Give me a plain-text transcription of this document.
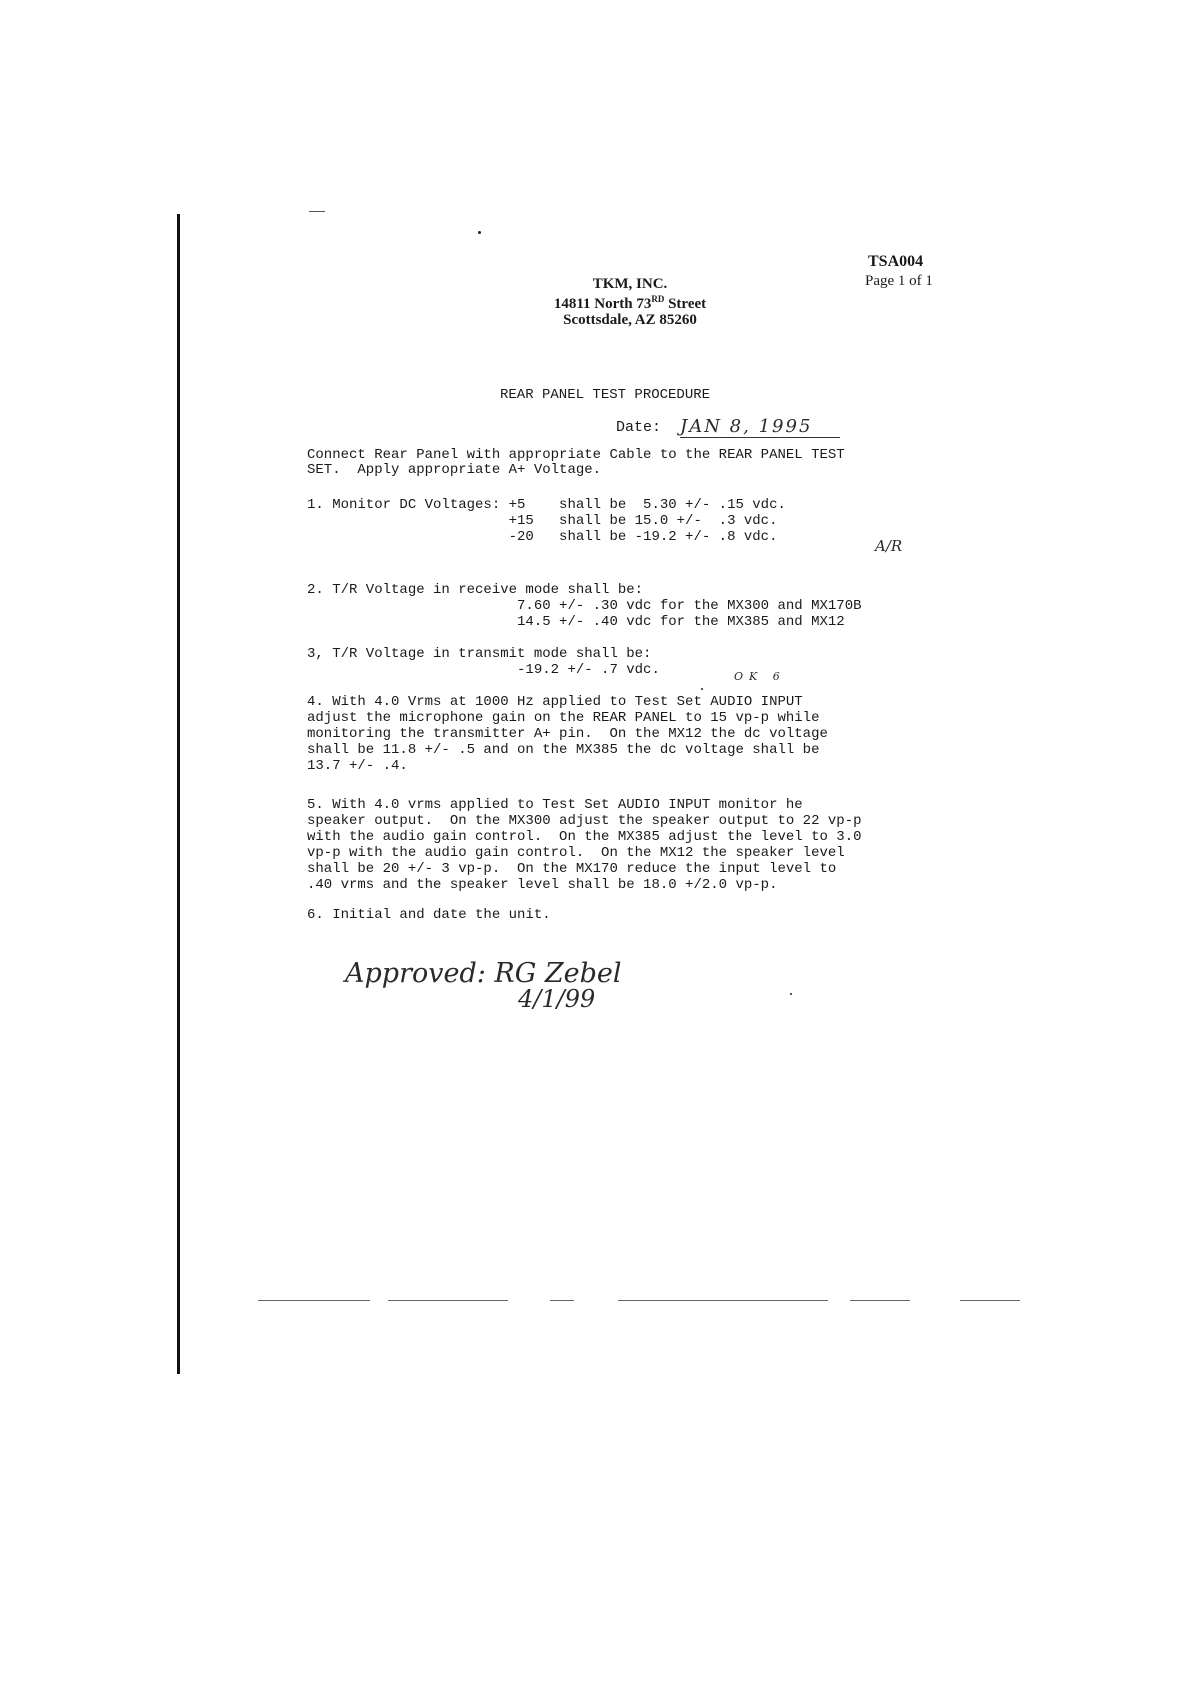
TSA004
Page 1 of 1
TKM, INC.
14811 North 73RD Street
Scottsdale, AZ 85260
REAR PANEL TEST PROCEDURE
Date: JAN 8, 1995
Connect Rear Panel with appropriate Cable to the REAR PANEL TEST
SET.  Apply appropriate A+ Voltage.
1. Monitor DC Voltages: +5    shall be  5.30 +/- .15 vdc.
+15   shall be 15.0 +/-  .3 vdc.
-20   shall be -19.2 +/- .8 vdc.	A/R
2. T/R Voltage in receive mode shall be:
7.60 +/- .30 vdc for the MX300 and MX170B
14.5 +/- .40 vdc for the MX385 and MX12
3, T/R Voltage in transmit mode shall be:
-19.2 +/- .7 vdc.	OK 6
4. With 4.0 Vrms at 1000 Hz applied to Test Set AUDIO INPUT
adjust the microphone gain on the REAR PANEL to 15 vp-p while
monitoring the transmitter A+ pin.  On the MX12 the dc voltage
shall be 11.8 +/- .5 and on the MX385 the dc voltage shall be
13.7 +/- .4.
5. With 4.0 vrms applied to Test Set AUDIO INPUT monitor he
speaker output.  On the MX300 adjust the speaker output to 22 vp-p
with the audio gain control.  On the MX385 adjust the level to 3.0
vp-p with the audio gain control.  On the MX12 the speaker level
shall be 20 +/- 3 vp-p.  On the MX170 reduce the input level to
.40 vrms and the speaker level shall be 18.0 +/2.0 vp-p.
6. Initial and date the unit.
Approved: RG Zebel
4/1/99
